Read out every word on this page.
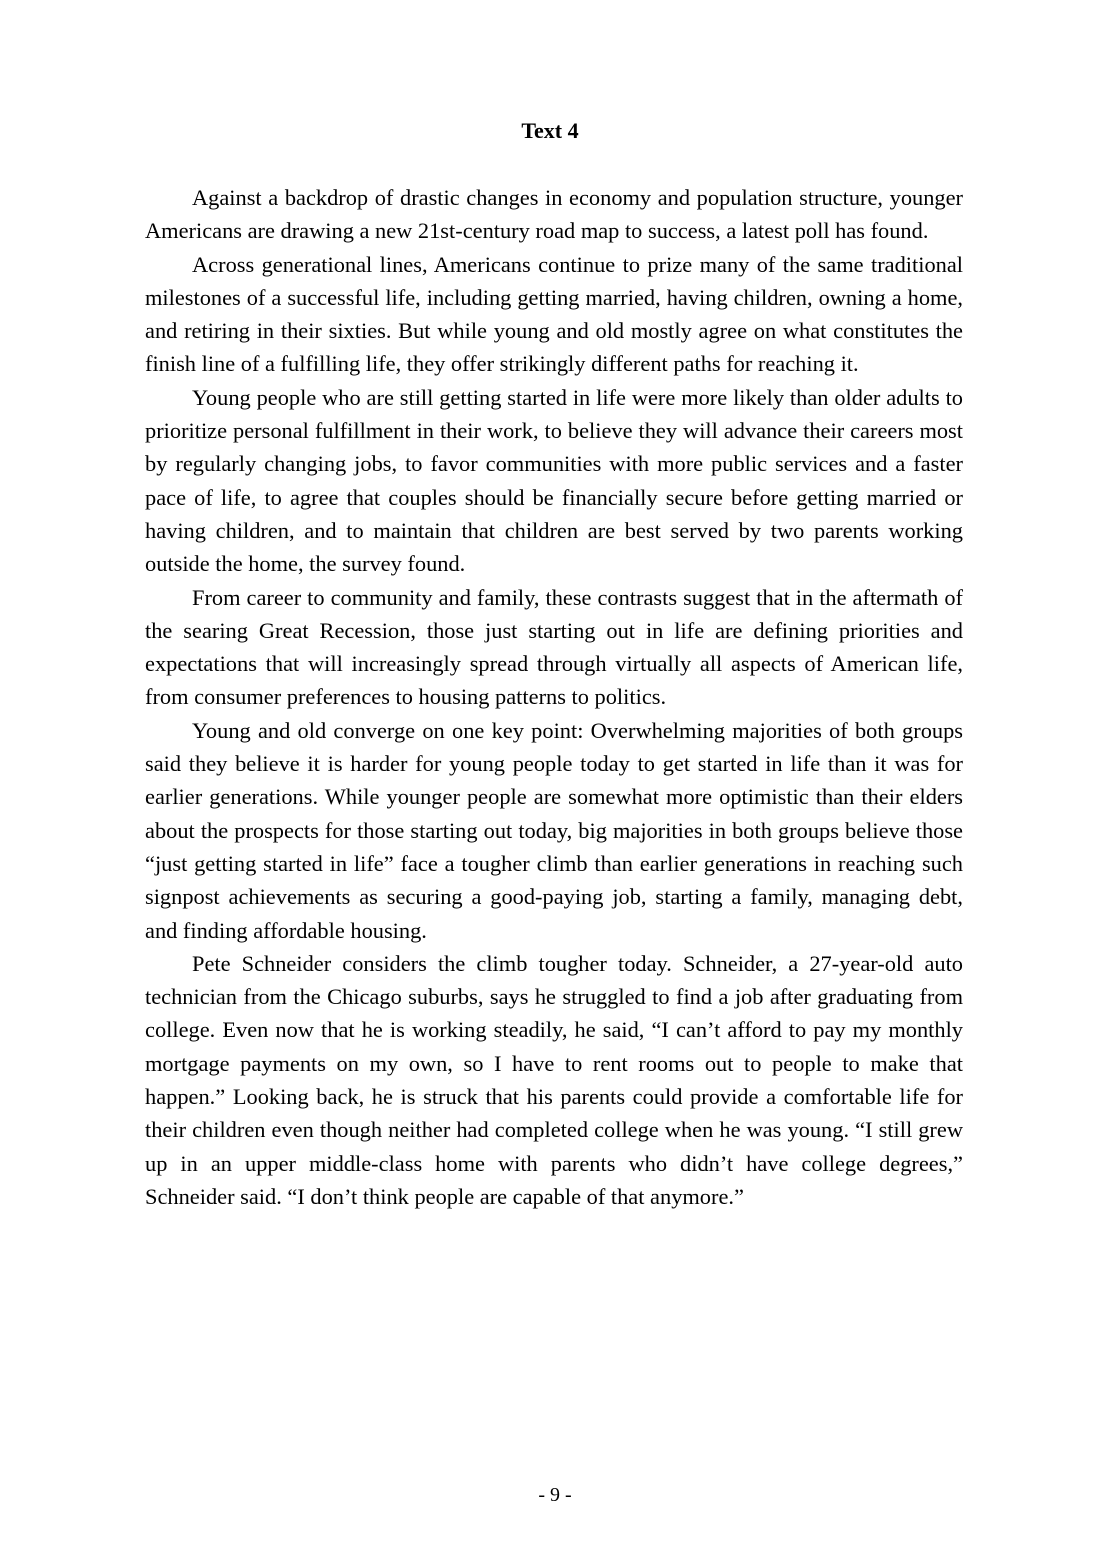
Text 4

Against a backdrop of drastic changes in economy and population structure, younger Americans are drawing a new 21st-century road map to success, a latest poll has found.

Across generational lines, Americans continue to prize many of the same traditional milestones of a successful life, including getting married, having children, owning a home, and retiring in their sixties. But while young and old mostly agree on what constitutes the finish line of a fulfilling life, they offer strikingly different paths for reaching it.

Young people who are still getting started in life were more likely than older adults to prioritize personal fulfillment in their work, to believe they will advance their careers most by regularly changing jobs, to favor communities with more public services and a faster pace of life, to agree that couples should be financially secure before getting married or having children, and to maintain that children are best served by two parents working outside the home, the survey found.

From career to community and family, these contrasts suggest that in the aftermath of the searing Great Recession, those just starting out in life are defining priorities and expectations that will increasingly spread through virtually all aspects of American life, from consumer preferences to housing patterns to politics.

Young and old converge on one key point: Overwhelming majorities of both groups said they believe it is harder for young people today to get started in life than it was for earlier generations. While younger people are somewhat more optimistic than their elders about the prospects for those starting out today, big majorities in both groups believe those “just getting started in life” face a tougher climb than earlier generations in reaching such signpost achievements as securing a good-paying job, starting a family, managing debt, and finding affordable housing.

Pete Schneider considers the climb tougher today. Schneider, a 27-year-old auto technician from the Chicago suburbs, says he struggled to find a job after graduating from college. Even now that he is working steadily, he said, “I can’t afford to pay my monthly mortgage payments on my own, so I have to rent rooms out to people to make that happen.” Looking back, he is struck that his parents could provide a comfortable life for their children even though neither had completed college when he was young. “I still grew up in an upper middle-class home with parents who didn’t have college degrees,” Schneider said. “I don’t think people are capable of that anymore.”

- 9 -
